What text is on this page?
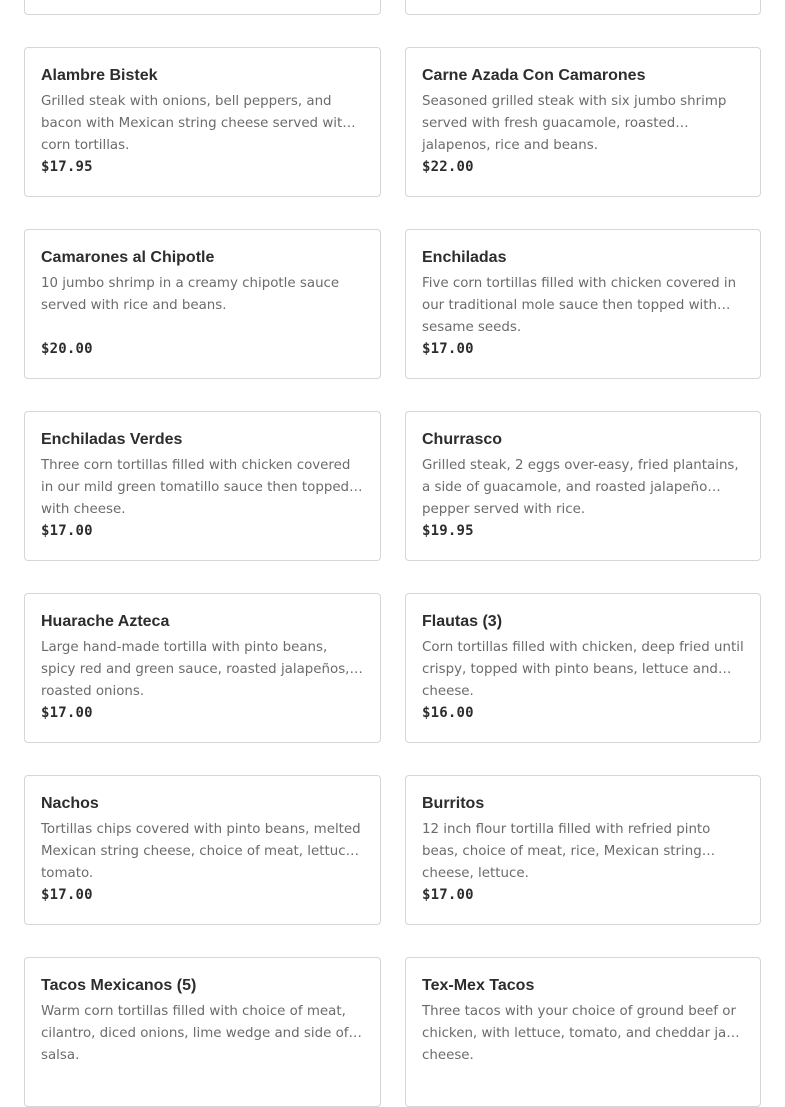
Alambre Bistek
Grilled steak with onions, bell peppers, and bacon with Mexican string cheese served with corn tortillas.
$17.95
Carne Azada Con Camarones
Seasoned grilled steak with six jumbo shrimp served with fresh guacamole, roasted jalapenos, rice and beans.
$22.00
Camarones al Chipotle
10 jumbo shrimp in a creamy chipotle sauce served with rice and beans.
$20.00
Enchiladas
Five corn tortillas filled with chicken covered in our traditional mole sauce then topped with sesame seeds.
$17.00
Enchiladas Verdes
Three corn tortillas filled with chicken covered in our mild green tomatillo sauce then topped with cheese.
$17.00
Churrasco
Grilled steak, 2 eggs over-easy, fried plantains, a side of guacamole, and roasted jalapeño pepper served with rice.
$19.95
Huarache Azteca
Large hand-made tortilla with pinto beans, spicy red and green sauce, roasted jalapeños, roasted onions.
$17.00
Flautas (3)
Corn tortillas filled with chicken, deep fried until crispy, topped with pinto beans, lettuce and cheese.
$16.00
Nachos
Tortillas chips covered with pinto beans, melted Mexican string cheese, choice of meat, lettuce, tomato.
$17.00
Burritos
12 inch flour tortilla filled with refried pinto beas, choice of meat, rice, Mexican string cheese, lettuce.
$17.00
Tacos Mexicanos (5)
Warm corn tortillas filled with choice of meat, cilantro, diced onions, lime wedge and side of salsa.
Tex-Mex Tacos
Three tacos with your choice of ground beef or chicken, with lettuce, tomato, and cheddar jack cheese.
